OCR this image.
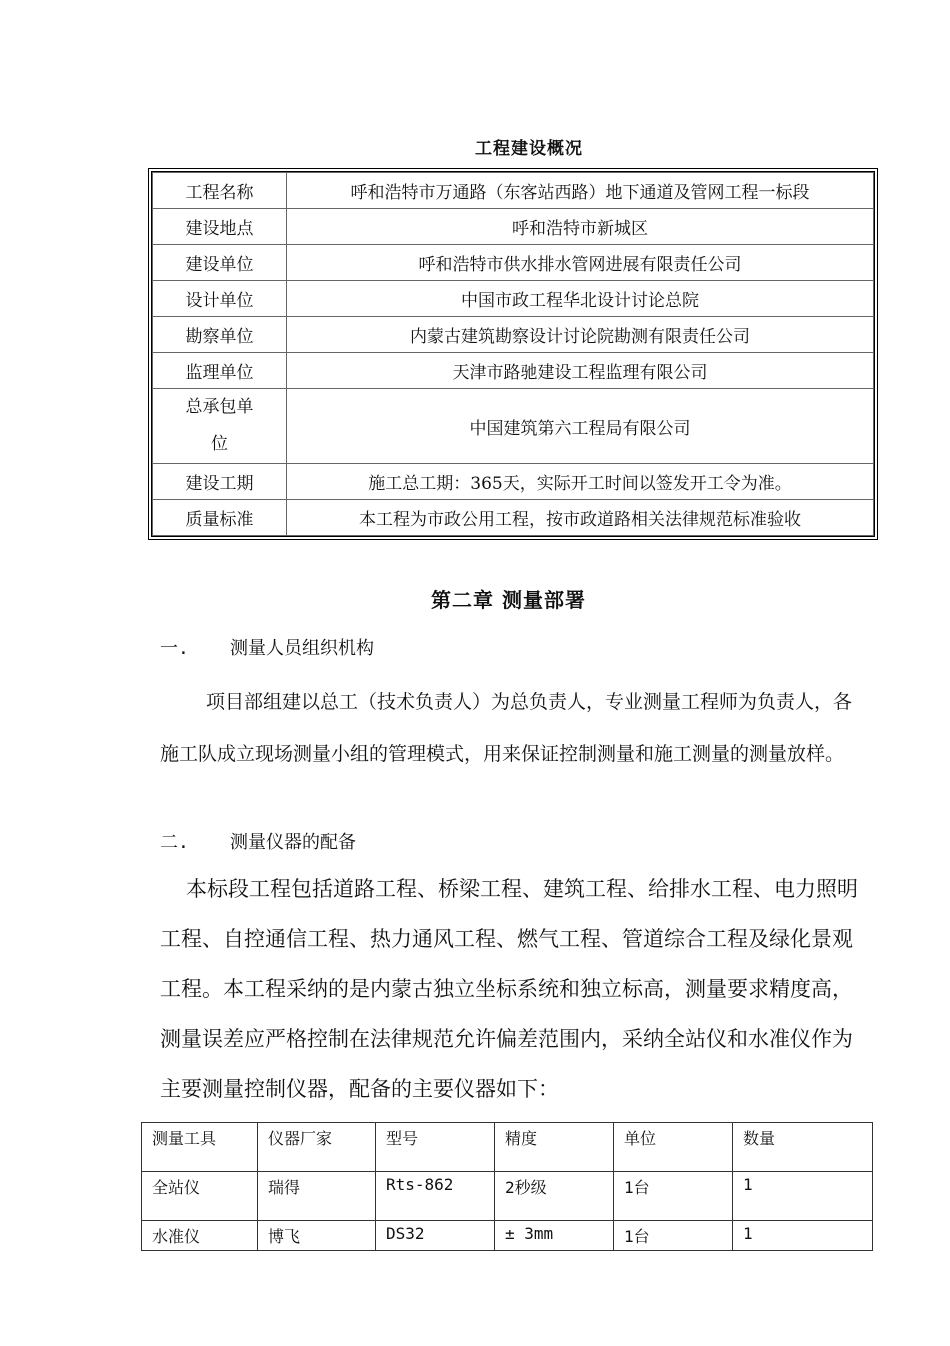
工程建设概况
工程名称	呼和浩特市万通路（东客站西路）地下通道及管网工程一标段
建设地点	呼和浩特市新城区
建设单位	呼和浩特市供水排水管网进展有限责任公司
设计单位	中国市政工程华北设计讨论总院
勘察单位	内蒙古建筑勘察设计讨论院勘测有限责任公司
监理单位	天津市路驰建设工程监理有限公司

总承包单
位	中国建筑第六工程局有限公司
建设工期	施工总工期：365天，实际开工时间以签发开工令为准。
质量标准	本工程为市政公用工程，按市政道路相关法律规范标准验收
第二章 测量部署
一. 测量人员组织机构
项目部组建以总工（技术负责人）为总负责人，专业测量工程师为负责人，各施工队成立现场测量小组的管理模式，用来保证控制测量和施工测量的测量放样。
二. 测量仪器的配备
本标段工程包括道路工程、桥梁工程、建筑工程、给排水工程、电力照明工程、自控通信工程、热力通风工程、燃气工程、管道综合工程及绿化景观工程。本工程采纳的是内蒙古独立坐标系统和独立标高，测量要求精度高，测量误差应严格控制在法律规范允许偏差范围内，采纳全站仪和水准仪作为主要测量控制仪器，配备的主要仪器如下：
测量工具	仪器厂家	型号	精度	单位	数量
全站仪	瑞得	Rts-862	2秒级	1台	1
水准仪	博飞	DS32	± 3mm	1台	1
